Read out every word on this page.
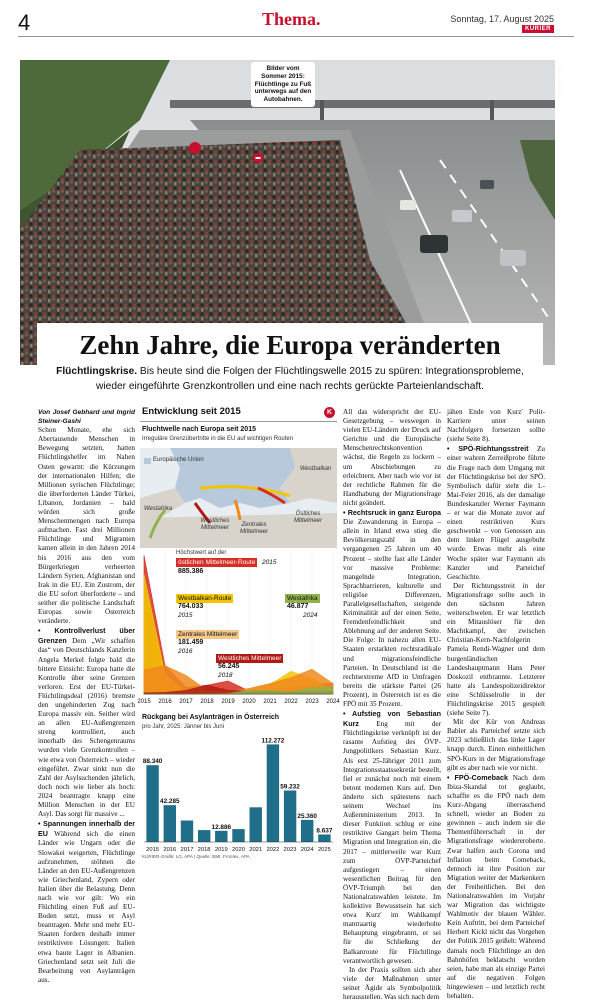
4	Thema.	Sonntag, 17. August 2025
KURIER
FOTO: KURIER
Bilder vom Sommer 2015: Flüchtlinge zu Fuß unterwegs auf den Autobahnen.
Zehn Jahre, die Europa veränderten
Flüchtlingskrise. Bis heute sind die Folgen der Flüchtlingswelle 2015 zu spüren: Integrationsprobleme, wieder eingeführte Grenzkontrollen und eine nach rechts gerückte Parteienlandschaft.

Von Josef Gebhard und Ingrid Steiner-Gashi

Schon Monate, ehe sich Abertausende Menschen in Bewegung setzten, hatten Flüchtlingshelfer im Nahen Osten gewarnt: die Kürzungen der internationalen Hilfen; die Millionen syrischen Flüchtlinge; die überforderten Länder Türkei, Libanon, Jordanien – bald würden sich große Menschenmengen nach Europa aufmachen. Fast drei Millionen Flüchtlinge und Migranten kamen allein in den Jahren 2014 bis 2016 aus den vom Bürgerkriegen verheerten Ländern Syrien, Afghanistan und Irak in die EU. Ein Zustrom, der die EU sofort überforderte – und seither die politische Landschaft Europas sowie Österreich veränderte.

• Kontrollverlust über Grenzen Dem „Wir schaffen das“ von Deutschlands Kanzlerin Angela Merkel folgte bald die bittere Einsicht: Europa hatte die Kontrolle über seine Grenzen verloren. Erst der EU-Türkei-Flüchtlingsdeal (2016) bremste den ungehinderten Zug nach Europa massiv ein. Seither wird an allen EU-Außengrenzen streng kontrolliert, auch innerhalb des Schengenraums wurden viele Grenzkontrollen – wie etwa von Österreich – wieder eingeführt. Zwar sinkt nun die Zahl der Asylsuchenden jährlich, doch noch wie lieber als hoch: 2024 beantragte knapp eine Million Menschen in der EU Asyl. Das sorgt für massive ...

• Spannungen innerhalb der EU Während sich die einen Länder wie Ungarn oder die Slowakei weigerten, Flüchtlinge aufzunehmen, stöhnen die Länder an den EU-Außengrenzen wie Griechenland, Zypern oder Italien über die Belastung. Denn nach wie vor gilt: Wo ein Flüchtling einen Fuß auf EU-Boden setzt, muss er Asyl beantragen. Mehr und mehr EU-Staaten fordern deshalb immer restriktivere Lösungen: Italien etwa baute Lager in Albanien. Griechenland setzt seit Juli die Bearbeitung von Asylanträgen aus.

Entwicklung seit 2015	K
Fluchtwelle nach Europa seit 2015
Irreguläre Grenzübertritte in die EU auf wichtigen Routen
Europäische Union
Westafrika
Westbalkan
Westliches Mittelmeer	Zentrales Mittelmeer
Östliches Mittelmeer
2015 2016 2017 2018 2019 2020 2021 2022 2023 2024
Höchstwert auf der
östlichen Mittelmeer-Route	2015
885.386
Westbalkan-Route
764.033
2015
Westafrika
46.877
2024
Zentrales Mittelmeer
181.459
2016
Westliches Mittelmeer
56.245
2018
Rückgang bei Asylanträgen in Österreich
pro Jahr, 2025: Jänner bis Juni
88.340
2015
42.285
2016 2017 2018
12.886
2019 2020 2021
112.272
2022
59.232
2023
25.360
2024
8.637
2025
KURIER-Grafik: LG, APA | Quelle: BMI, Frontex, APA

All das widerspricht der EU-Gesetzgebung – weswegen in vielen EU-Ländern der Druck auf Gerichte und die Europäische Menschenrechtskonvention wächst, die Regeln zu lockern – um Abschiebungen zu erleichtern. Aber nach wie vor ist der rechtliche Rahmen für die Handhabung der Migrationsfrage nicht geändert.

• Rechtsruck in ganz Europa Die Zuwanderung in Europa – allein in Irland etwa stieg die Bevölkerungszahl in den vergangenen 25 Jahren um 40 Prozent – stellte fast alle Länder vor massive Probleme: mangelnde Integration, Sprachbarrieren, kulturelle und religiöse Differenzen, Parallelgesellschaften, steigende Kriminalität auf der einen Seite, Fremdenfeindlichkeit und Ablehnung auf der anderen Seite. Die Folge: In nahezu allen EU-Staaten erstarkten rechtsradikale und migrationsfeindliche Parteien. In Deutschland ist die rechtsextreme AfD in Umfragen bereits die stärkste Partei (26 Prozent), in Österreich ist es die FPÖ mit 35 Prozent.

• Aufstieg von Sebastian Kurz Eng mit der Flüchtlingskrise verknüpft ist der rasante Aufstieg des ÖVP-Jungpolitikers Sebastian Kurz. Als erst 25-Jähriger 2011 zum Integrationsstaatssekretär bestellt, fiel er zunächst noch mit einem betont modernen Kurs auf. Den änderte sich spätestens nach seinem Wechsel ins Außenministerium 2013. In dieser Funktion schlug er eine restriktive Gangart beim Thema Migration und Integration ein, die 2017 – mittlerweile war Kurz zum ÖVP-Parteichef aufgestiegen – einen wesentlichen Beitrag für den ÖVP-Triumph bei den Nationalratswahlen leistete. Im kollektive Bewusstsein hat sich etwa Kurz' im Wahlkampf mantraartig wiederholte Behauptung eingebrannt, er sei für die Schließung der Balkanroute für Flüchtlinge verantwortlich gewesen.

In der Praxis sollten sich aber viele der Maßnahmen unter seiner Ägide als Symbolpolitik herausstellen. Was sich nach dem

jähen Ende von Kurz' Polit-Karriere unter seinen Nachfolgern fortsetzen sollte (siehe Seite 8).

• SPÖ-Richtungsstreit Zu einer wahren Zerreißprobe führte die Frage nach dem Umgang mit der Flüchtlingskrise bei der SPÖ. Symbolisch dafür steht die 1.-Mai-Feier 2016, als der damalige Bundeskanzler Werner Faymann – er war die Monate zuvor auf einen restriktiven Kurs geschwenkt – von Genossen aus dem linken Flügel ausgebuht wurde. Etwas mehr als eine Woche später war Faymann als Kanzler und Parteichef Geschichte.

Der Richtungsstreit in der Migrationsfrage sollte auch in den nächsten Jahren weiterschwelen. Er war letztlich ein Mitauslöser für den Machtkampf, der zwischen Christian-Kern-Nachfolgerin Pamela Rendi-Wagner und dem burgenländischen Landeshauptmann Hans Peter Doskozil entbrannte. Letzterer hatte als Landespolizeidirektor eine Schlüsselrolle in der Flüchtlingskrise 2015 gespielt (siehe Seite 7).

Mit der Kür von Andreas Babler als Parteichef setzte sich 2023 schließlich das linke Lager knapp durch. Einen einheitlichen SPÖ-Kurs in der Migrationsfrage gibt es aber nach wie vor nicht.

• FPÖ-Comeback Nach dem Ibiza-Skandal tot geglaubt, schaffte es die FPÖ nach dem Kurz-Abgang überraschend schnell, wieder an Boden zu gewinnen – auch indem sie die Themenführerschaft in der Migrationsfrage wiedereroberte. Zwar halfen auch Corona und Inflation beim Comeback, dennoch ist ihre Position zur Migration weiter der Markenkern der Freiheitlichen. Bei den Nationalratswahlen im Vorjahr war Migration das wichtigste Wahlmotiv der blauen Wähler. Kein Auftritt, bei dem Parteichef Herbert Kickl nicht das Vorgehen der Politik 2015 geißelt: Während damals noch Flüchtlinge an den Bahnhöfen beklatscht worden seien, habe man als einzige Partei auf die negativen Folgen hingewiesen – und letztlich recht behalten.
